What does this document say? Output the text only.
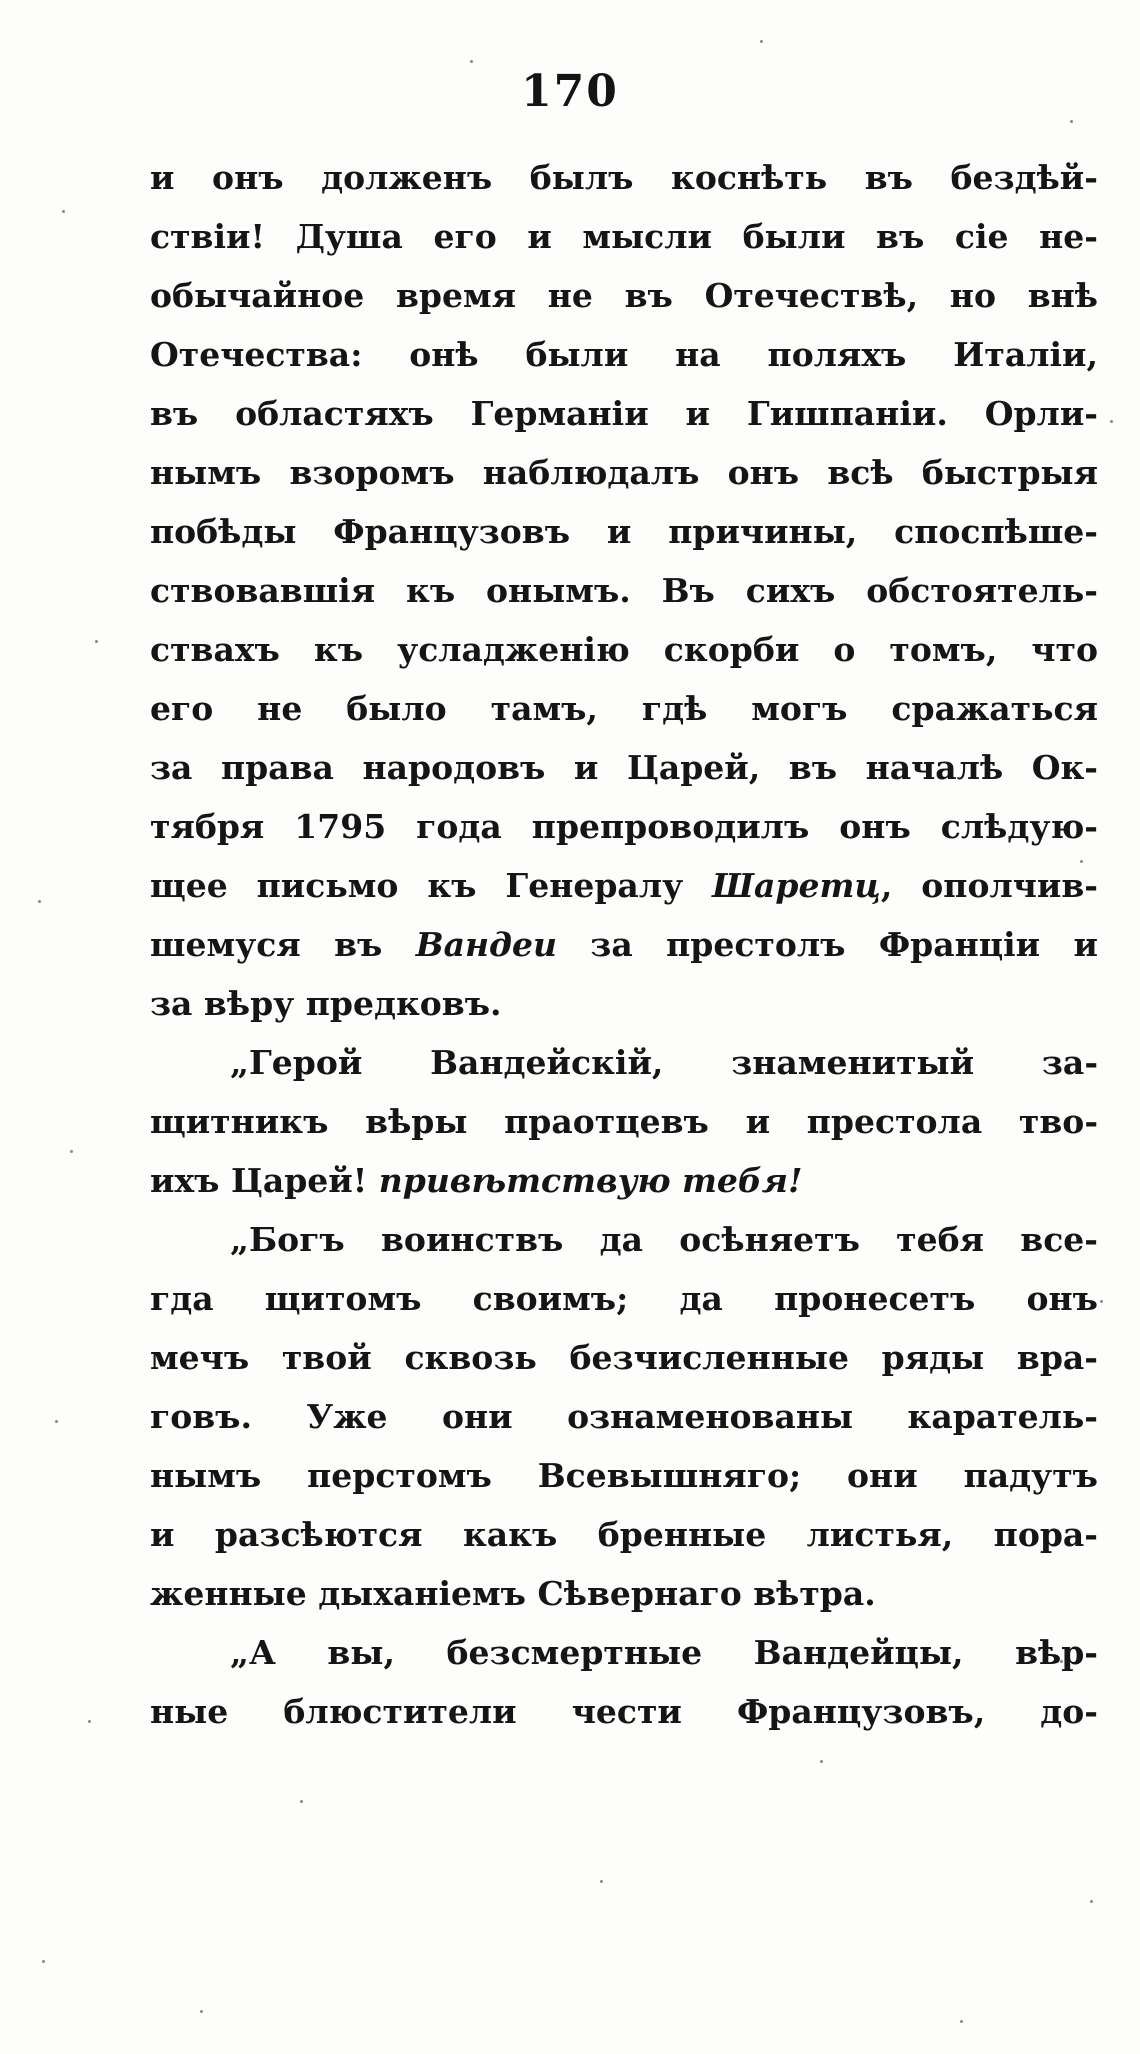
170
и онъ долженъ былъ коснѣть въ бездѣй-
ствіи! Душа его и мысли были въ сіе не-
обычайное время не въ Отечествѣ, но внѣ
Отечества: онѣ были на поляхъ Италіи,
въ областяхъ Германіи и Гишпаніи. Орли-
нымъ взоромъ наблюдалъ онъ всѣ быстрыя
побѣды Французовъ и причины, споспѣше-
ствовавшія къ онымъ. Въ сихъ обстоятель-
ствахъ къ усладженію скорби о томъ, что
его не было тамъ, гдѣ могъ сражаться
за права народовъ и Царей, въ началѣ Ок-
тября 1795 года препроводилъ онъ слѣдую-
щее письмо къ Генералу Шаретц, ополчив-
шемуся въ Вандеи за престолъ Франціи и
за вѣру предковъ.
„Герой Вандейскій, знаменитый за-
щитникъ вѣры праотцевъ и престола тво-
ихъ Царей! привѣтствую тебя!
„Богъ воинствъ да осѣняетъ тебя все-
гда щитомъ своимъ; да пронесетъ онъ
мечъ твой сквозь безчисленные ряды вра-
говъ. Уже они ознаменованы каратель-
нымъ перстомъ Всевышняго; они падутъ
и разсѣются какъ бренные листья, пора-
женные дыханіемъ Сѣвернаго вѣтра.
„А вы, безсмертные Вандейцы, вѣр-
ные блюстители чести Французовъ, до-
